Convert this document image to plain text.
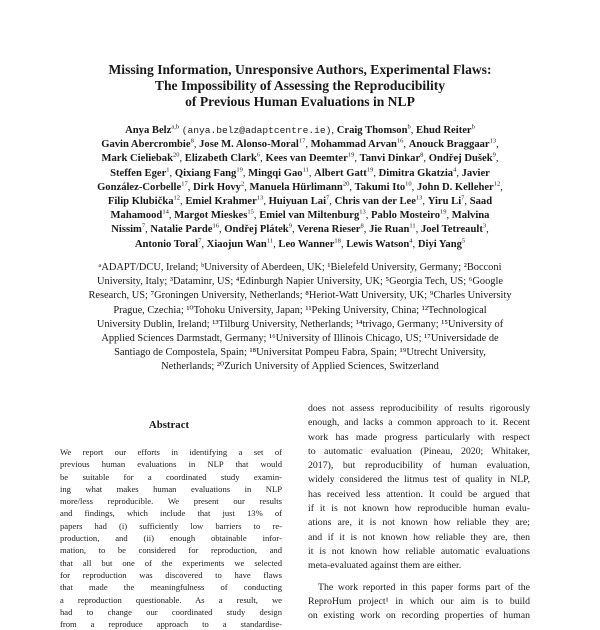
Missing Information, Unresponsive Authors, Experimental Flaws:
The Impossibility of Assessing the Reproducibility
of Previous Human Evaluations in NLP
Anya Belz$^{a,b}$ (anya.belz@adaptcentre.ie), Craig Thomson$^b$, Ehud Reiter$^b$
Gavin Abercrombie$^8$, Jose M. Alonso-Moral$^{17}$, Mohammad Arvan$^{16}$, Anouck Braggaar$^{13}$,
Mark Cieliebak$^{20}$, Elizabeth Clark$^6$, Kees van Deemter$^{19}$, Tanvi Dinkar$^8$, Ondřej Dušek$^9$,
Steffen Eger$^1$, Qixiang Fang$^{19}$, Mingqi Gao$^{11}$, Albert Gatt$^{19}$, Dimitra Gkatzia$^4$, Javier
González-Corbelle$^{17}$, Dirk Hovy$^2$, Manuela Hürlimann$^{20}$, Takumi Ito$^{10}$, John D. Kelleher$^{12}$,
Filip Klubička$^{12}$, Emiel Krahmer$^{13}$, Huiyuan Lai$^7$, Chris van der Lee$^{13}$, Yiru Li$^7$, Saad
Mahamood$^{14}$, Margot Mieskes$^{15}$, Emiel van Miltenburg$^{13}$, Pablo Mosteiro$^{19}$, Malvina
Nissim$^7$, Natalie Parde$^{16}$, Ondřej Plátek$^9$, Verena Rieser$^8$, Jie Ruan$^{11}$, Joel Tetreault$^3$,
Antonio Toral$^7$, Xiaojun Wan$^{11}$, Leo Wanner$^{18}$, Lewis Watson$^4$, Diyi Yang$^5$
ᵃADAPT/DCU, Ireland; ᵇUniversity of Aberdeen, UK; ¹Bielefeld University, Germany; ²Bocconi
University, Italy; ³Dataminr, US; ⁴Edinburgh Napier University, UK; ⁵Georgia Tech, US; ⁶Google
Research, US; ⁷Groningen University, Netherlands; ⁸Heriot-Watt University, UK; ⁹Charles University
Prague, Czechia; ¹⁰Tohoku University, Japan; ¹¹Peking University, China; ¹²Technological
University Dublin, Ireland; ¹³Tilburg University, Netherlands; ¹⁴trivago, Germany; ¹⁵University of
Applied Sciences Darmstadt, Germany; ¹⁶University of Illinois Chicago, US; ¹⁷Universidade de
Santiago de Compostela, Spain; ¹⁸Universitat Pompeu Fabra, Spain; ¹⁹Utrecht University,
Netherlands; ²⁰Zurich University of Applied Sciences, Switzerland
Abstract
We report our efforts in identifying a set of
previous human evaluations in NLP that would
be suitable for a coordinated study examin-
ing what makes human evaluations in NLP
more/less reproducible. We present our results
and findings, which include that just 13% of
papers had (i) sufficiently low barriers to re-
production, and (ii) enough obtainable infor-
mation, to be considered for reproduction, and
that all but one of the experiments we selected
for reproduction was discovered to have flaws
that made the meaningfulness of conducting
a reproduction questionable. As a result, we
had to change our coordinated study design
from a reproduce approach to a standardise-
does not assess reproducibility of results rigorously
enough, and lacks a common approach to it. Recent
work has made progress particularly with respect
to automatic evaluation (Pineau, 2020; Whitaker,
2017), but reproducibility of human evaluation,
widely considered the litmus test of quality in NLP,
has received less attention. It could be argued that
if it is not known how reproducible human evalu-
ations are, it is not known how reliable they are;
and if it is not known how reliable they are, then
it is not known how reliable automatic evaluations
meta-evaluated against them are either.
The work reported in this paper forms part of the
ReproHum project¹ in which our aim is to build
on existing work on recording properties of human
